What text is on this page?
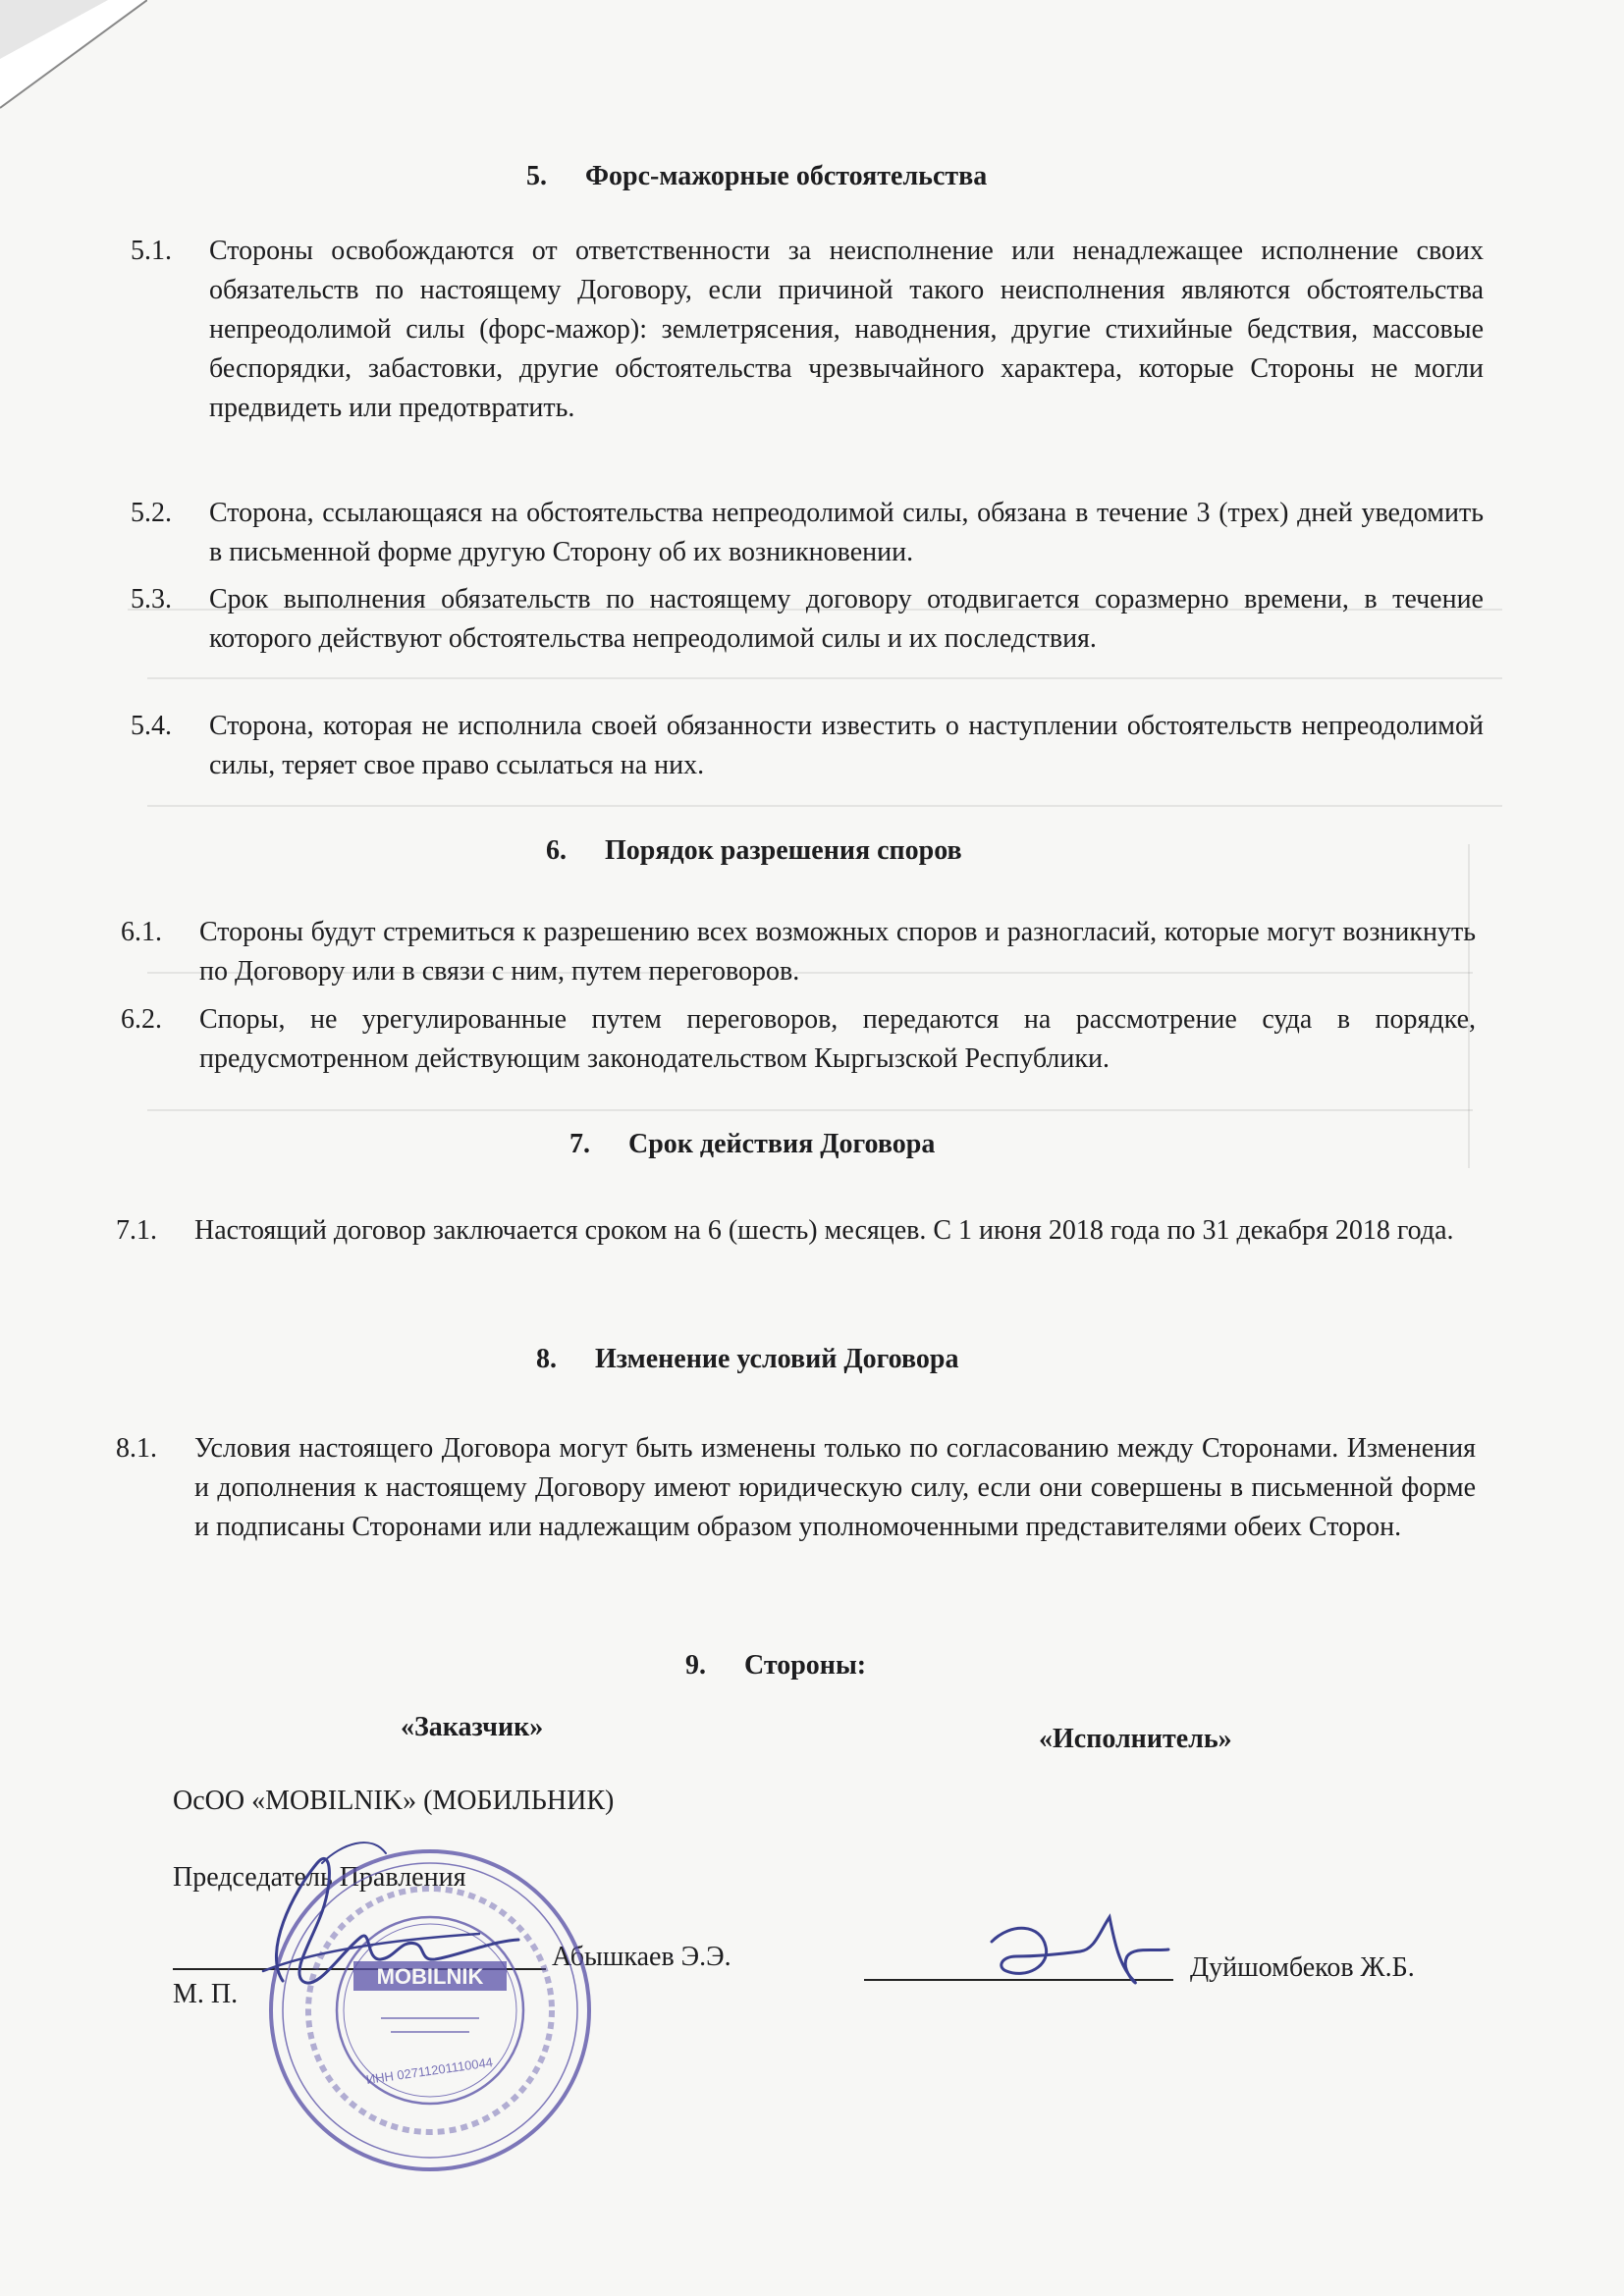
5. Форс-мажорные обстоятельства
5.1. Стороны освобождаются от ответственности за неисполнение или ненадлежащее исполнение своих обязательств по настоящему Договору, если причиной такого неисполнения являются обстоятельства непреодолимой силы (форс-мажор): землетрясения, наводнения, другие стихийные бедствия, массовые беспорядки, забастовки, другие обстоятельства чрезвычайного характера, которые Стороны не могли предвидеть или предотвратить.
5.2. Сторона, ссылающаяся на обстоятельства непреодолимой силы, обязана в течение 3 (трех) дней уведомить в письменной форме другую Сторону об их возникновении.
5.3. Срок выполнения обязательств по настоящему договору отодвигается соразмерно времени, в течение которого действуют обстоятельства непреодолимой силы и их последствия.
5.4. Сторона, которая не исполнила своей обязанности известить о наступлении обстоятельств непреодолимой силы, теряет свое право ссылаться на них.
6. Порядок разрешения споров
6.1. Стороны будут стремиться к разрешению всех возможных споров и разногласий, которые могут возникнуть по Договору или в связи с ним, путем переговоров.
6.2. Споры, не урегулированные путем переговоров, передаются на рассмотрение суда в порядке, предусмотренном действующим законодательством Кыргызской Республики.
7. Срок действия Договора
7.1. Настоящий договор заключается сроком на 6 (шесть) месяцев. С 1 июня 2018 года по 31 декабря 2018 года.
8. Изменение условий Договора
8.1. Условия настоящего Договора могут быть изменены только по согласованию между Сторонами. Изменения и дополнения к настоящему Договору имеют юридическую силу, если они совершены в письменной форме и подписаны Сторонами или надлежащим образом уполномоченными представителями обеих Сторон.
9. Стороны:
«Заказчик»	«Исполнитель»
ОсОО «MOBILNIK» (МОБИЛЬНИК)
Председатель Правления
Абышкаев Э.Э.
М. П.
Дуйшомбеков Ж.Б.
MOBILNIK
ИНН 02711201110044
